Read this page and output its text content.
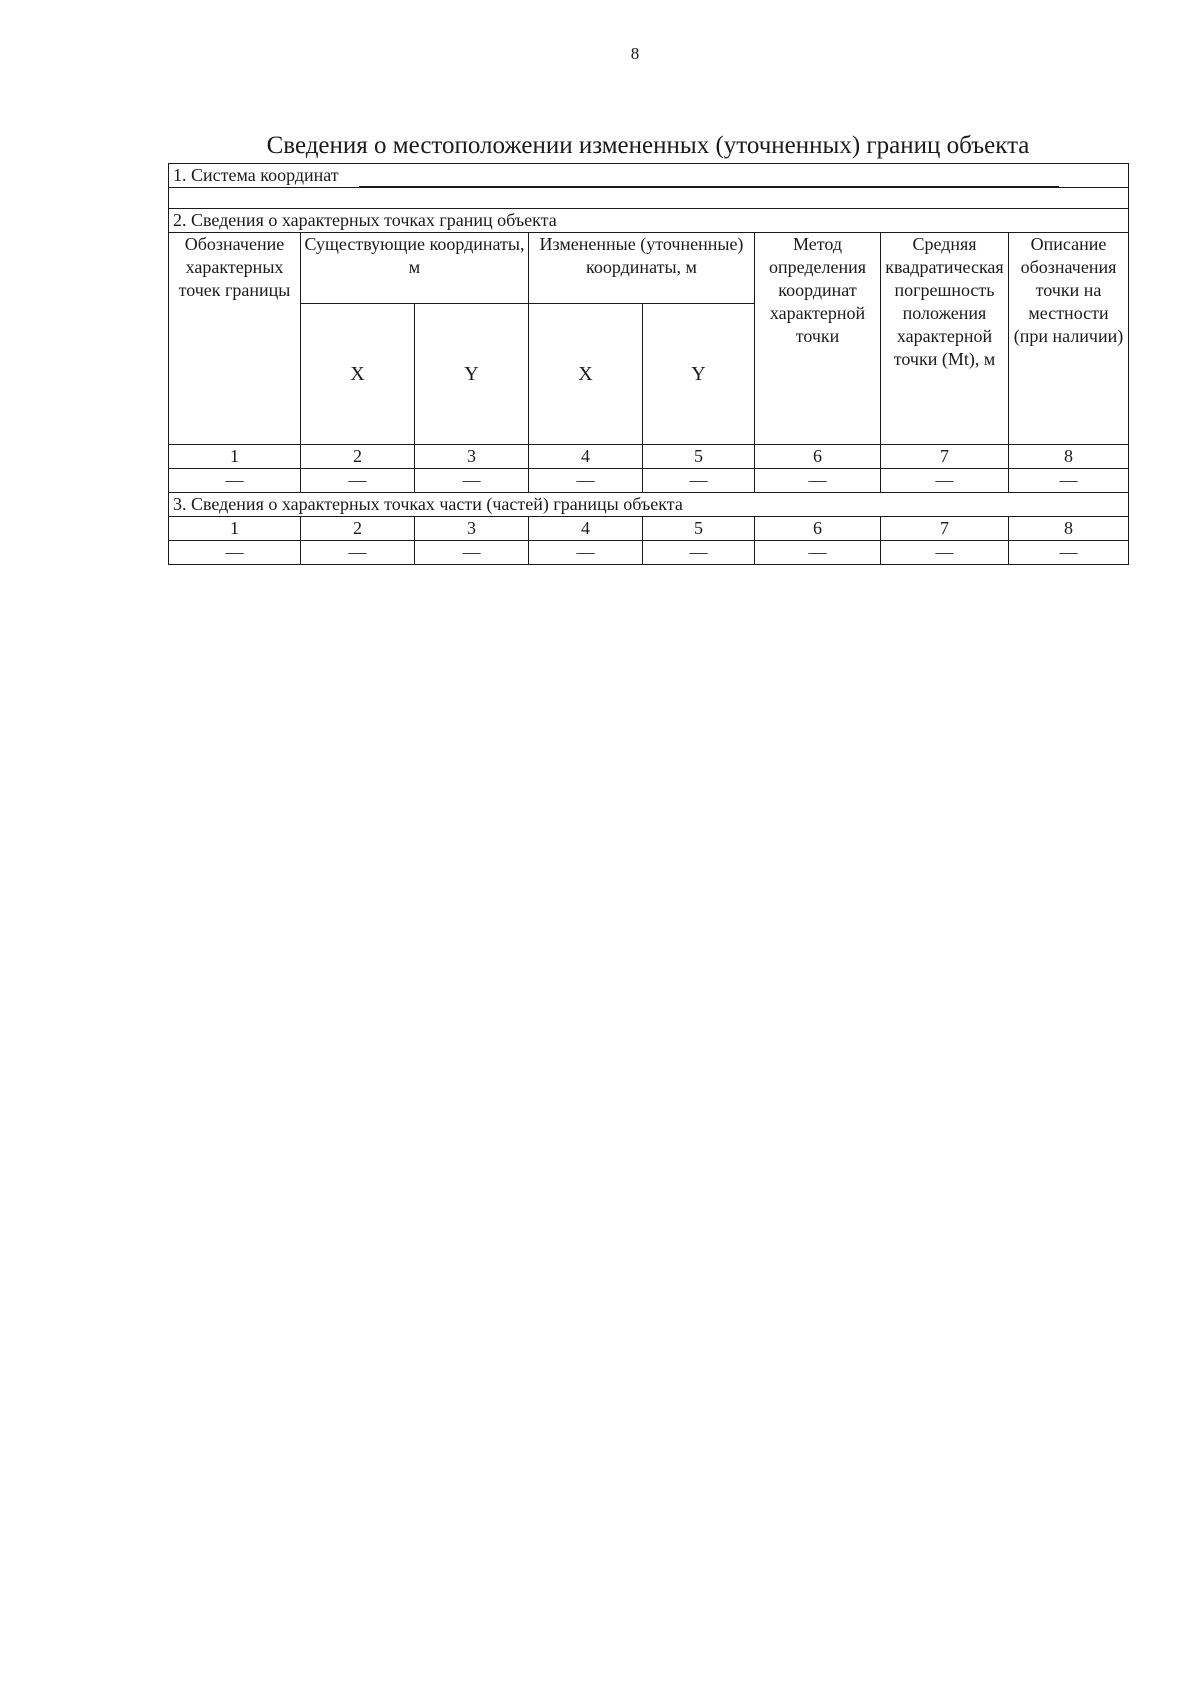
8
Сведения о местоположении измененных (уточненных) границ объекта
1. Система координат							

2. Сведения о характерных точках границ объекта							
Обозначение характерных точек границы	Существующие координаты, м		Измененные (уточненные) координаты, м		Метод определения координат характерной точки	Средняя квадратическая погрешность положения характерной точки (Mt), м	Описание обозначения точки на местности (при наличии)
	X	Y	X	Y			
1	2	3	4	5	6	7	8
—	—	—	—	—	—	—	—
3. Сведения о характерных точках части (частей) границы объекта							
1	2	3	4	5	6	7	8
—	—	—	—	—	—	—	—
